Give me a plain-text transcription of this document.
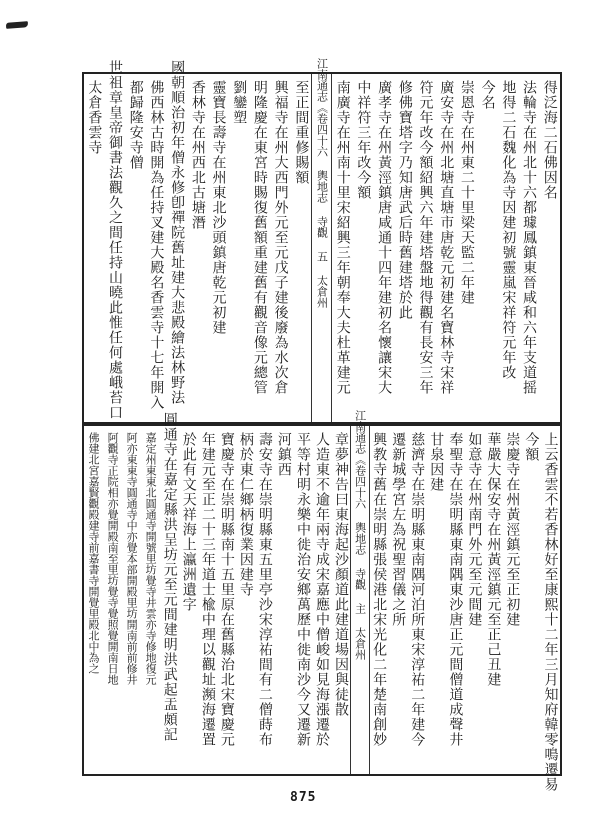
得泛海二石佛因名
法輪寺在州北十六都璩鳳鎮東晉咸和六年支道摇
地得二石魏化為寺因建初號靈嵐宋祥符元年改
今名
崇恩寺在州東二十里梁天監二年建
廣安寺在州北塘直塘市唐乾元初建名寶林寺宋祥
符元年改今額紹興六年建塔盤地得觀有長安三年
修佛寶塔字乃知唐武后時舊建塔於此
廣孝寺在州黃涇鎮唐咸通十四年建初名懷讓宋大
中祥符三年改今額
南廣寺在州南十里宋紹興三年朝奉大夫杜革建元
江南通志《卷四十六 輿地志 寺觀 五 太倉州
至正間重修賜額
興福寺在州大西門外元至元戊子建後廢為水次倉
明隆慶在東宮時賜復舊額重建舊有觀音像元總管
劉鑾塑
靈寶長壽寺在州東北沙頭鎮唐乾元初建
香林寺在州西北古塘潛
國朝順治初年僧永修卽禪院舊址建大悲殿繪法林野法
佛西林古時開為任持叉建大殿名香雲寺十七年開入
都歸隆安寺僧
世祖章皇帝御書法觀久之間任持山曉此惟任何處峨苔口
太倉香雲寺
上云香雲不若香林好至康熙十二年三月知府韓零鳴遷易
今額
崇慶寺在州黃涇鎮元至正初建
華嚴大保安寺在州黃涇鎮元至正己丑建
如意寺在州南門外元至元間建
奉聖寺在崇明縣東南隅東沙唐正元間僧道成聲井
甘泉因建
慈濟寺在崇明縣東南隅河泊所東宋淳祐二年建今
遷新城學宮左為祝聖習儀之所
興教寺舊在崇明縣張侯港北宋光化二年楚南創妙
江南通志《卷四十六 輿地志 寺觀 主 太倉州
章夢神告曰東海起沙顏道此建道場因與徒散
人造東不逾年兩寺成宋嘉應中僧峻如見海漲遷於
平等村明永樂中徙治安鄉萬歷中徙南沙今又遷新
河鎮西
壽安寺在崇明縣東五里亭沙宋淳祐間有二僧蒔布
柄於東仁鄉柄復業因建寺
寶慶寺在崇明縣南十五里原在舊縣治北宋寶慶元
年建元至正二十三年道士楡中理以觀址瀕海遷置
於此有文天祥海上瀛洲遺字
圓通寺在嘉定縣洪呈坊元至元間建明洪武起盂頗記
嘉定州東東北圓通寺開號里坊覺寺井雲亦寺修地復元
阿亦東東寺圓通寺中亦覺本部開殿里坊開南前前修井
阿觀寺正院相亦覺開殿南至里坊覺寺覺照覺開南日地
佛建北宮嘉賢觀殿建寺前嘉書寺開覺里殿北中為之
875
